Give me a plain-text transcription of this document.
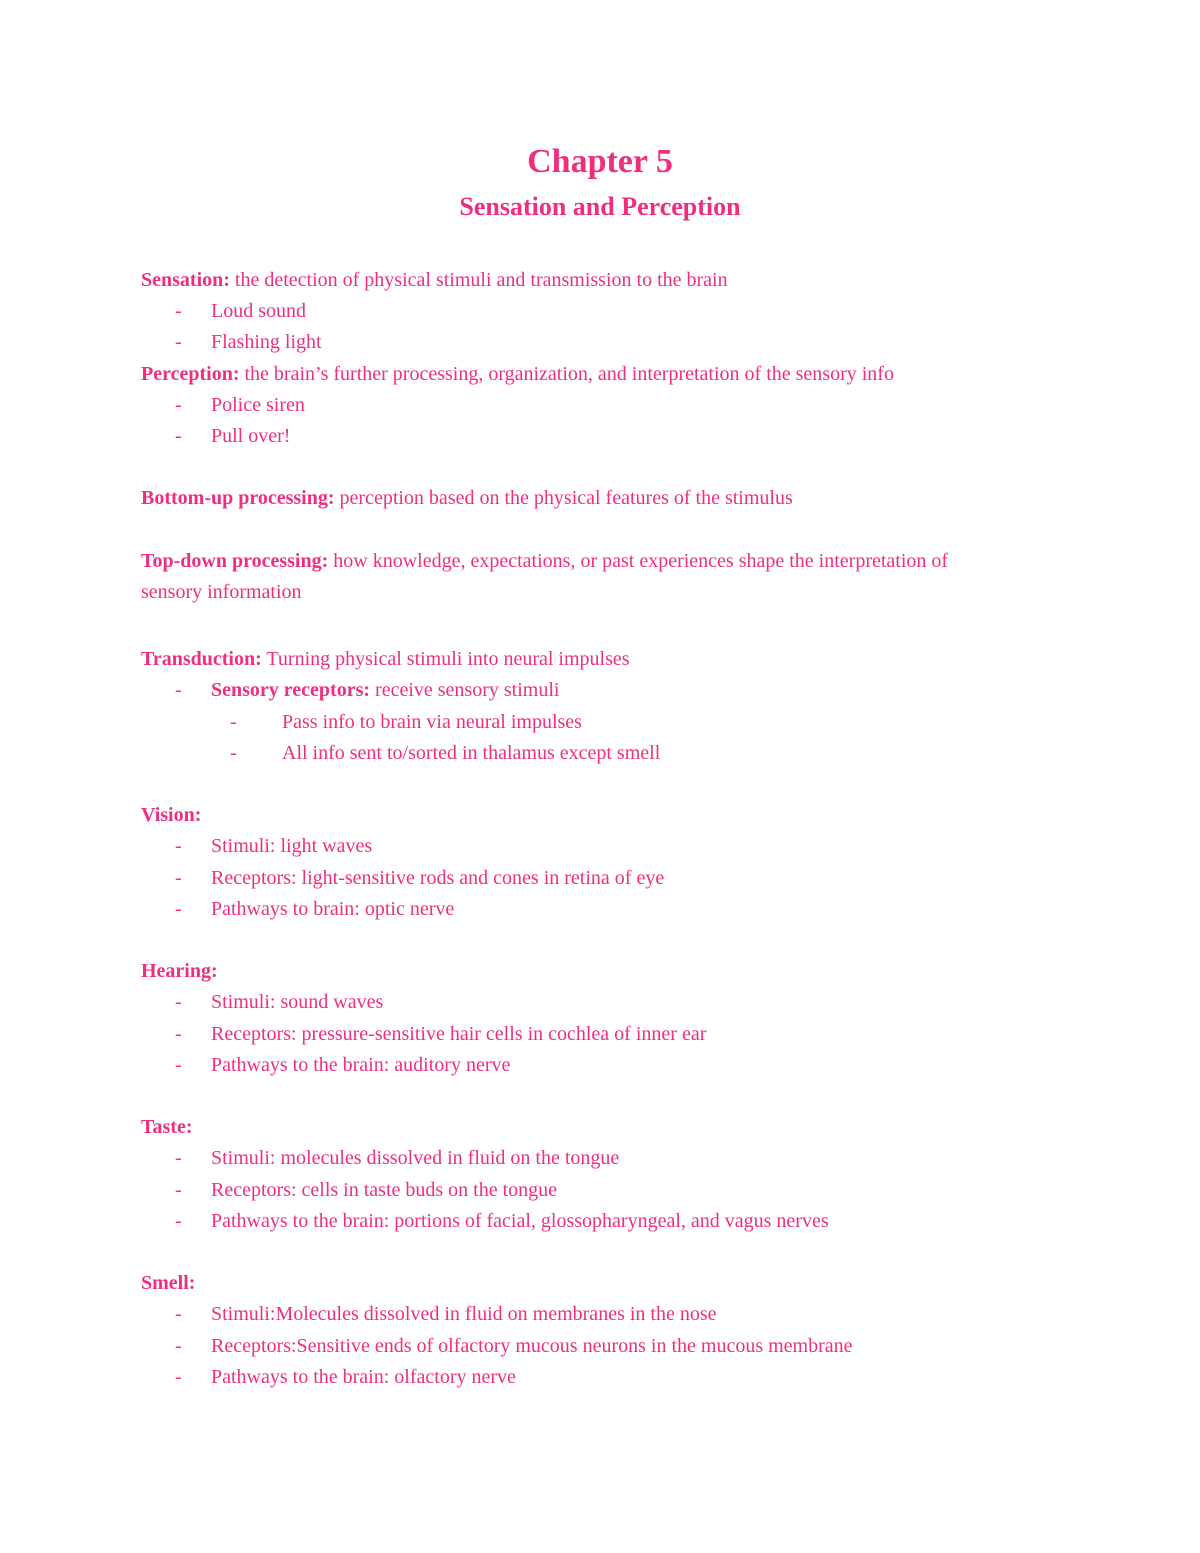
Chapter 5
Sensation and Perception

Sensation: the detection of physical stimuli and transmission to the brain

- Loud sound

- Flashing light

Perception: the brain’s further processing, organization, and interpretation of the sensory info

- Police siren

- Pull over!

Bottom-up processing: perception based on the physical features of the stimulus

Top-down processing: how knowledge, expectations, or past experiences shape the interpretation of sensory information

Transduction: Turning physical stimuli into neural impulses

- Sensory receptors: receive sensory stimuli

- Pass info to brain via neural impulses

- All info sent to/sorted in thalamus except smell

Vision:

- Stimuli: light waves

- Receptors: light-sensitive rods and cones in retina of eye

- Pathways to brain: optic nerve

Hearing:

- Stimuli: sound waves

- Receptors: pressure-sensitive hair cells in cochlea of inner ear

- Pathways to the brain: auditory nerve

Taste:

- Stimuli: molecules dissolved in fluid on the tongue

- Receptors: cells in taste buds on the tongue

- Pathways to the brain: portions of facial, glossopharyngeal, and vagus nerves

Smell:

- Stimuli:Molecules dissolved in fluid on membranes in the nose

- Receptors:Sensitive ends of olfactory mucous neurons in the mucous membrane

- Pathways to the brain: olfactory nerve
